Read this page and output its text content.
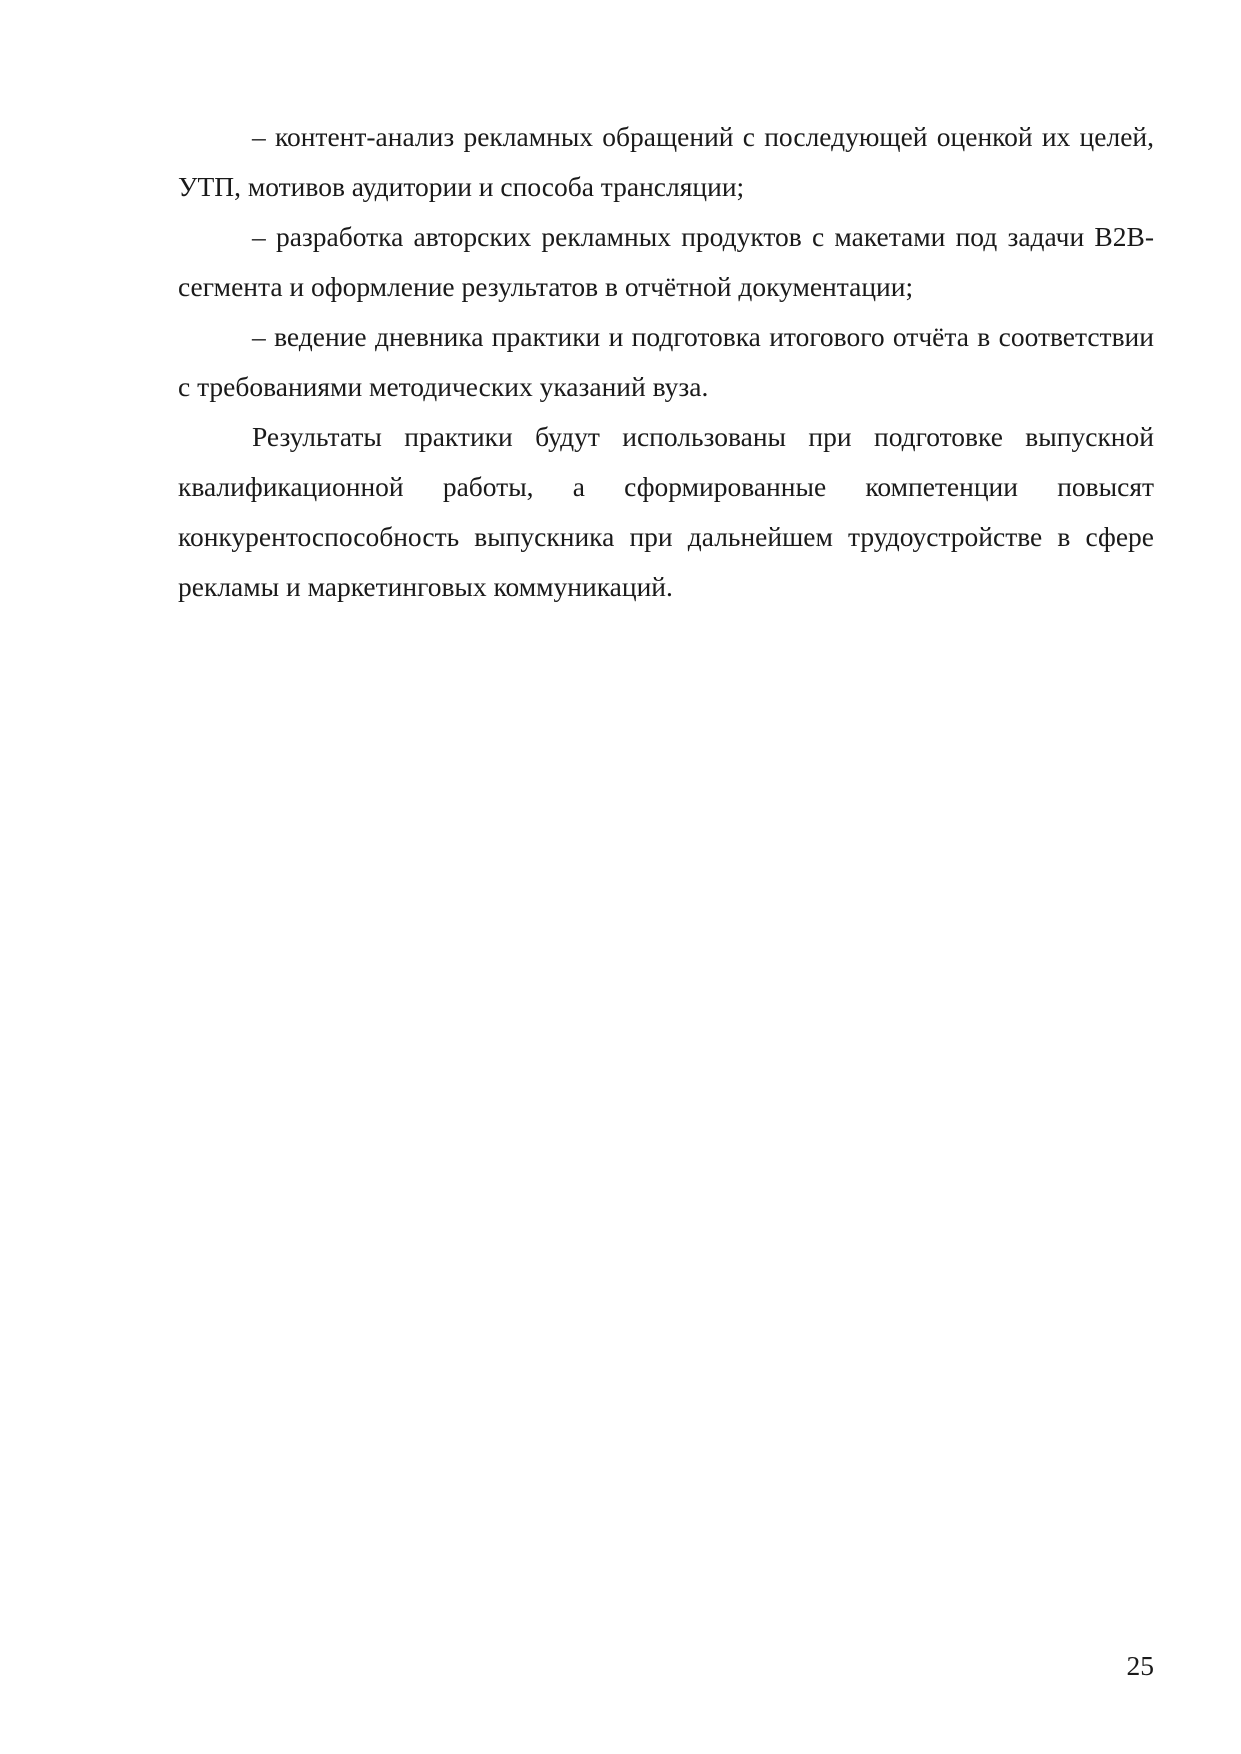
– контент-анализ рекламных обращений с последующей оценкой их целей, УТП, мотивов аудитории и способа трансляции;

– разработка авторских рекламных продуктов с макетами под задачи B2B-сегмента и оформление результатов в отчётной документации;

– ведение дневника практики и подготовка итогового отчёта в соответствии с требованиями методических указаний вуза.

Результаты практики будут использованы при подготовке выпускной квалификационной работы, а сформированные компетенции повысят конкурентоспособность выпускника при дальнейшем трудоустройстве в сфере рекламы и маркетинговых коммуникаций.

25
